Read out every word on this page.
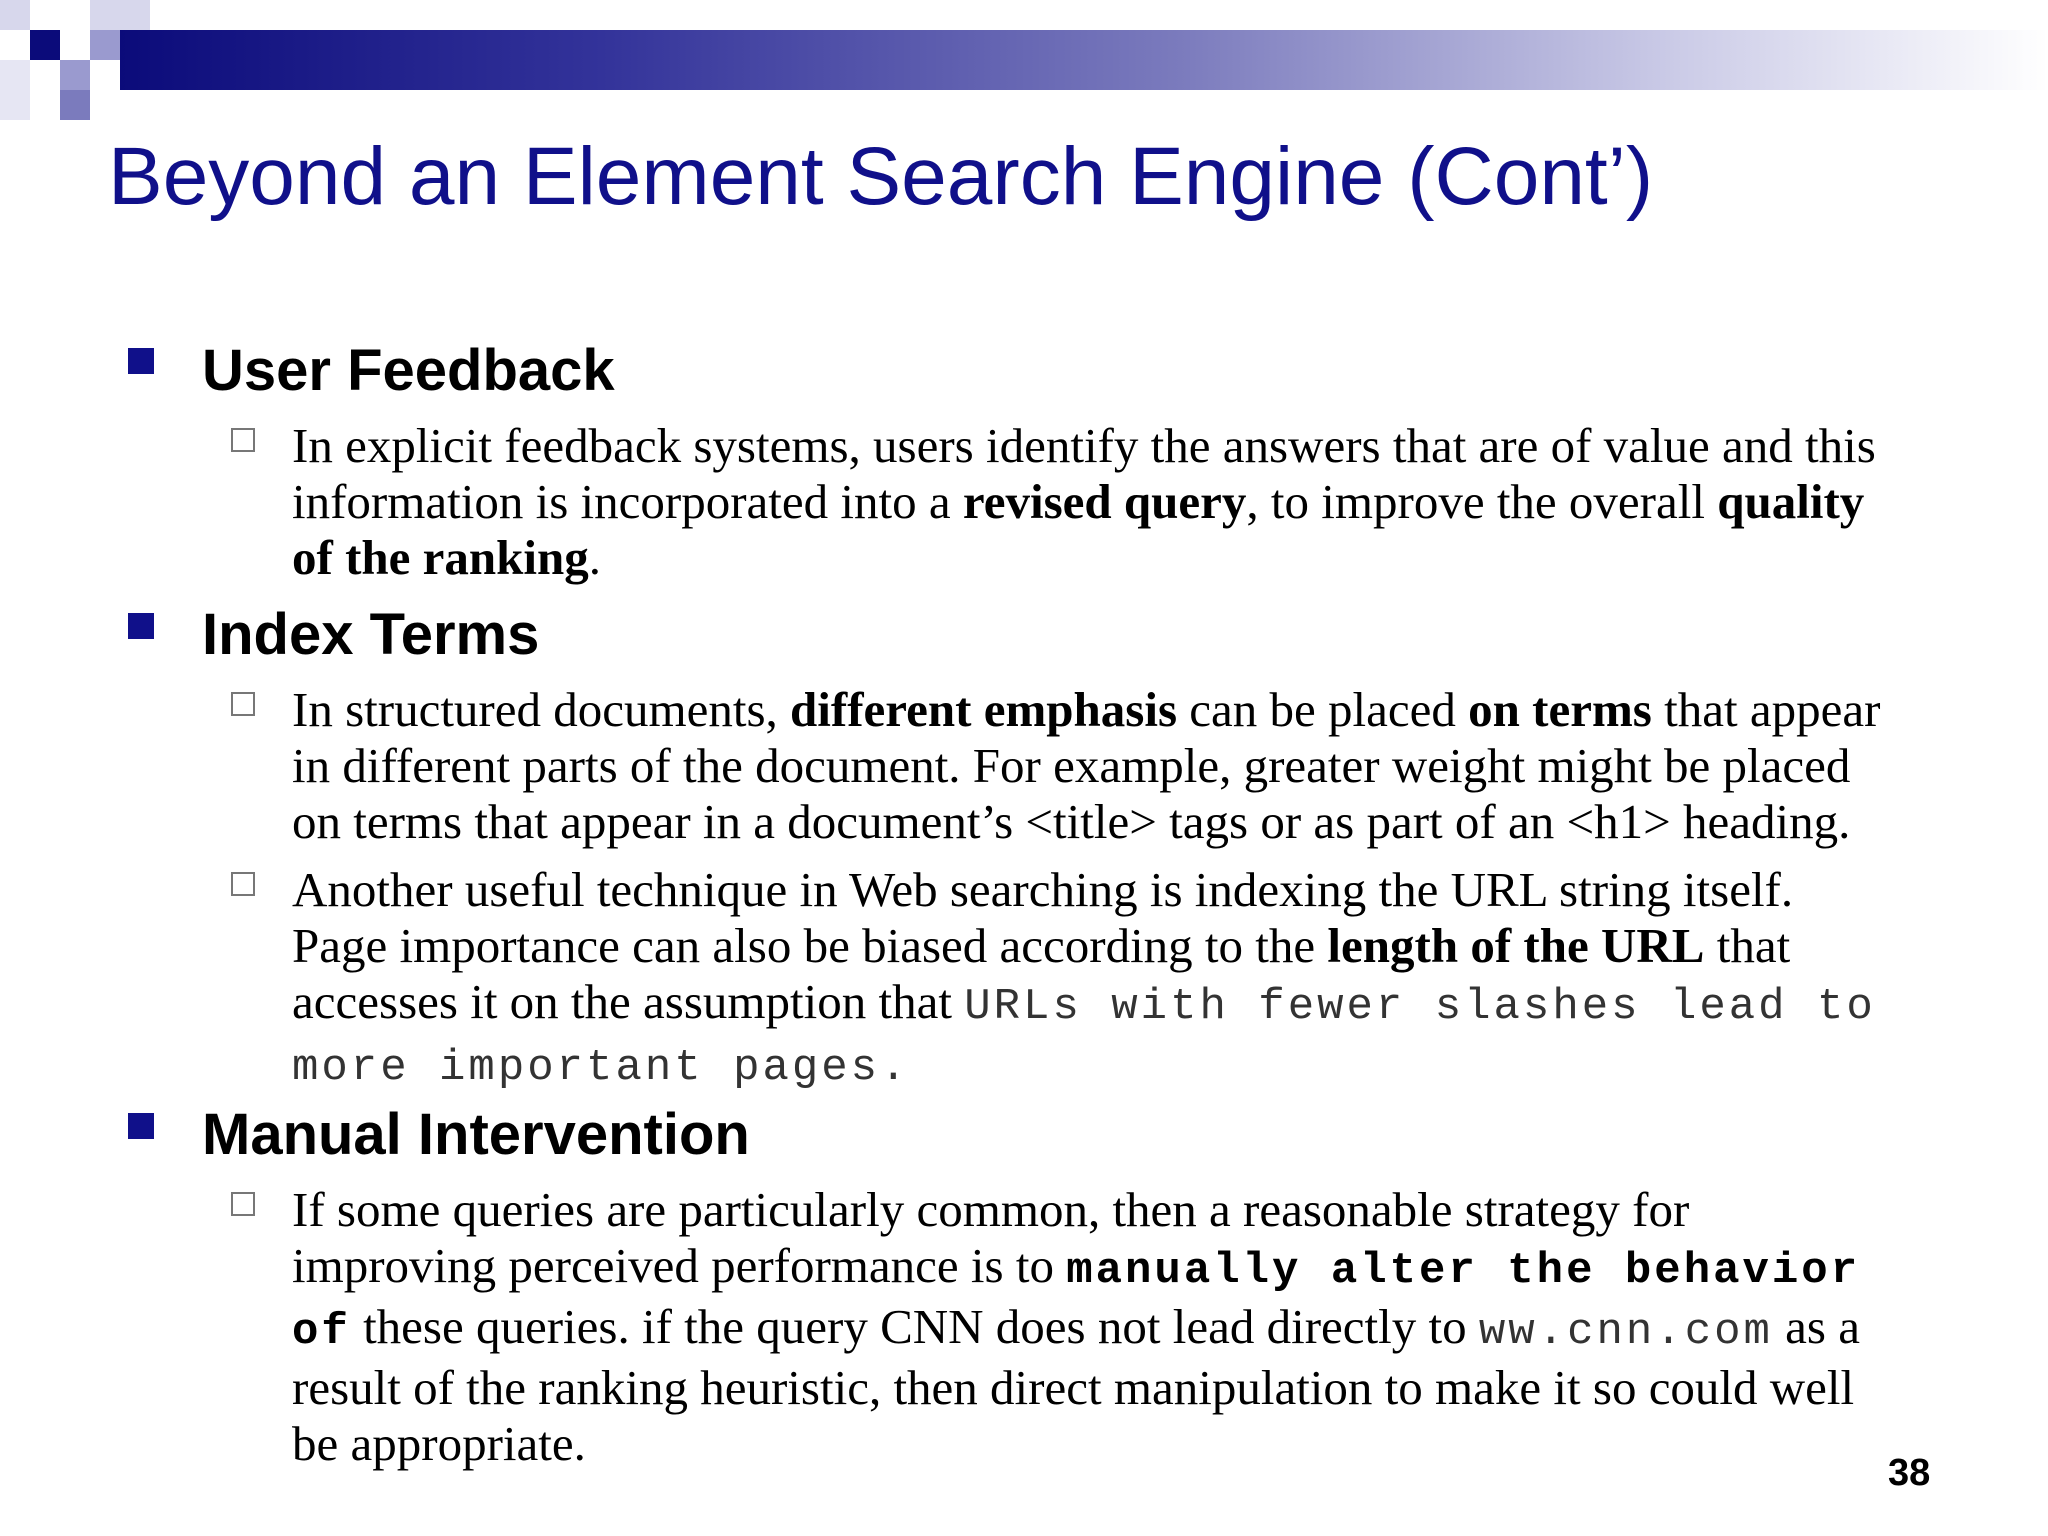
Beyond an Element Search Engine (Cont’)
User Feedback

In explicit feedback systems, users identify the answers that are of value and this
information is incorporated into a revised query, to improve the overall quality
of the ranking.

Index Terms

In structured documents, different emphasis can be placed on terms that appear
in different parts of the document. For example, greater weight might be placed
on terms that appear in a document’s <title> tags or as part of an <h1> heading.

Another useful technique in Web searching is indexing the URL string itself.
Page importance can also be biased according to the length of the URL that
accesses it on the assumption that URLs with fewer slashes lead to
more important pages.

Manual Intervention

If some queries are particularly common, then a reasonable strategy for
improving perceived performance is to manually alter the behavior
of these queries. if the query CNN does not lead directly to ww.cnn.com as a
result of the ranking heuristic, then direct manipulation to make it so could well
be appropriate.

38
